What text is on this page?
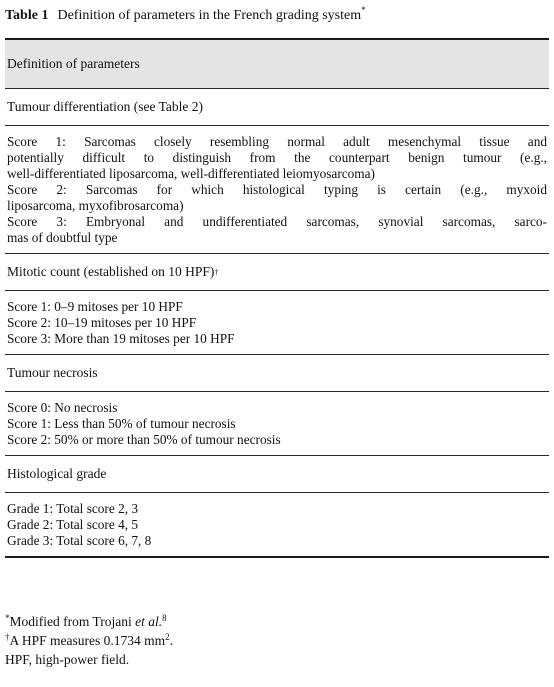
Table 1 Definition of parameters in the French grading system*
Definition of parameters
Tumour differentiation (see Table 2)
Score 1: Sarcomas closely resembling normal adult mesenchymal tissue and
potentially difficult to distinguish from the counterpart benign tumour (e.g.,
well-differentiated liposarcoma, well-differentiated leiomyosarcoma)
Score 2: Sarcomas for which histological typing is certain (e.g., myxoid
liposarcoma, myxofibrosarcoma)
Score 3: Embryonal and undifferentiated sarcomas, synovial sarcomas, sarco-
mas of doubtful type
Mitotic count (established on 10 HPF) †
Score 1: 0–9 mitoses per 10 HPF
Score 2: 10–19 mitoses per 10 HPF
Score 3: More than 19 mitoses per 10 HPF
Tumour necrosis
Score 0: No necrosis
Score 1: Less than 50% of tumour necrosis
Score 2: 50% or more than 50% of tumour necrosis
Histological grade
Grade 1: Total score 2, 3
Grade 2: Total score 4, 5
Grade 3: Total score 6, 7, 8
*Modified from Trojani et al.$^8$
†A HPF measures 0.1734 $mm^2$.
HPF, high-power field.
